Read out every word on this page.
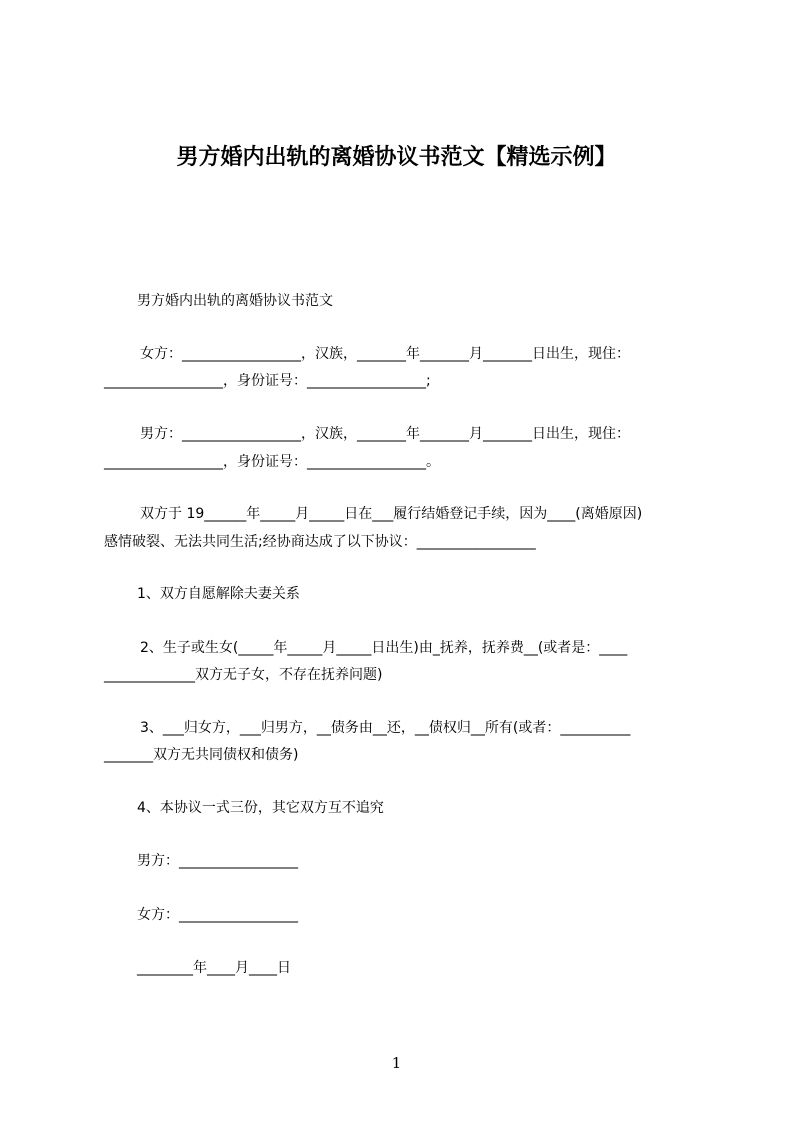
男方婚内出轨的离婚协议书范文【精选示例】
男方婚内出轨的离婚协议书范文
女方：_________________，汉族，_______年_______月_______日出生，现住：
_________________，身份证号：_________________;
男方：_________________，汉族，_______年_______月_______日出生，现住：
_________________，身份证号：_________________。
双方于 19______年_____月_____日在___履行结婚登记手续，因为____(离婚原因)
感情破裂、无法共同生活;经协商达成了以下协议：_________________
1、双方自愿解除夫妻关系
2、生子或生女(_____年_____月_____日出生)由_抚养，抚养费__(或者是：____
_____________双方无子女，不存在抚养问题)
3、___归女方，___归男方，__债务由__还，__债权归__所有(或者：__________
_______双方无共同债权和债务)
4、本协议一式三份，其它双方互不追究
男方：_________________
女方：_________________
________年____月____日
1
